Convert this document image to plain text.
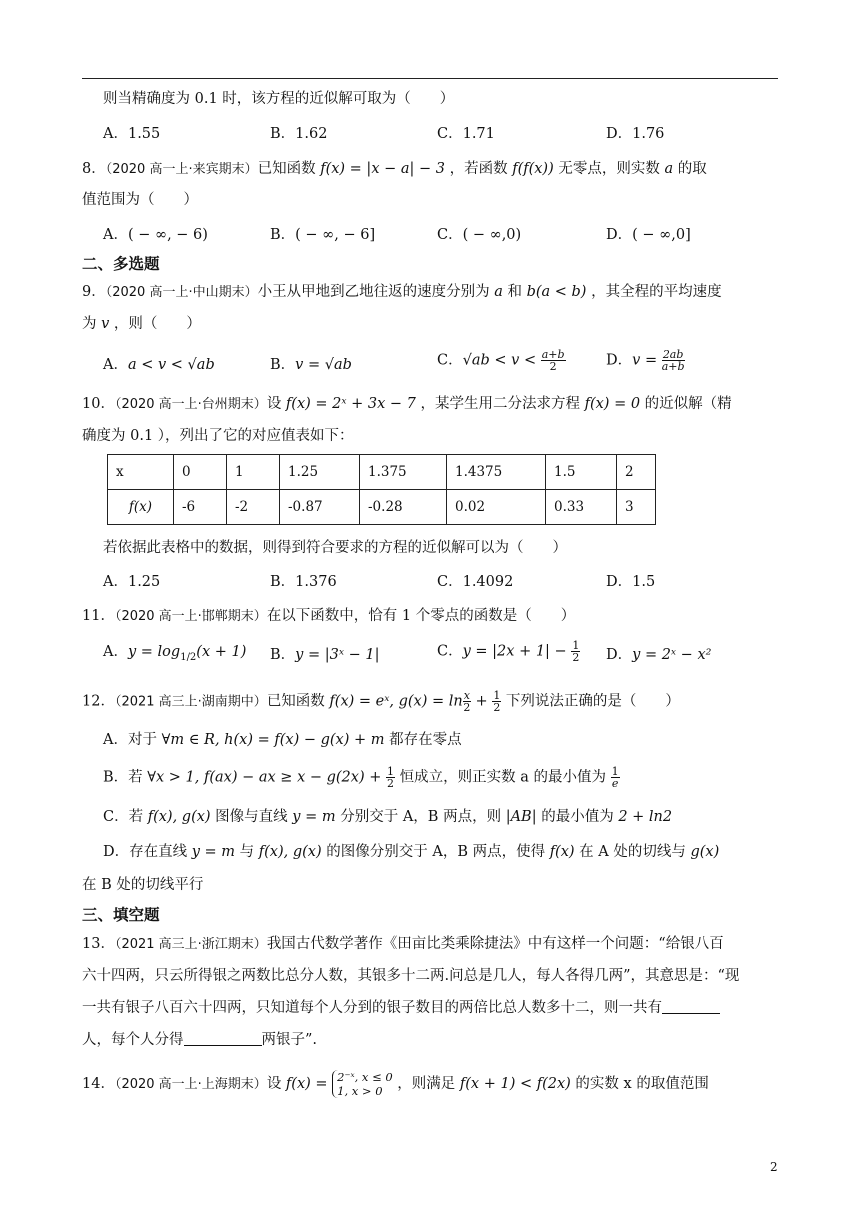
则当精确度为 0.1 时，该方程的近似解可取为（　　）
A．1.55	B．1.62	C．1.71	D．1.76
8．（2020 高一上·来宾期末）已知函数 f(x) = |x − a| − 3 ，若函数 f(f(x)) 无零点，则实数 a 的取
值范围为（　　）
A．( − ∞, − 6)	B．( − ∞, − 6]	C．( − ∞,0)	D．( − ∞,0]
二、多选题
9．（2020 高一上·中山期末）小王从甲地到乙地往返的速度分别为 a 和 b(a < b) ，其全程的平均速度
为 v ，则（　　）
A．a < v < √ab	B．v = √ab	C．$√ab < v < \frac{a+b}{2}$	D．$v = \frac{2ab}{a+b}$
10．（2020 高一上·台州期末）设 f(x) = 2ˣ + 3x − 7 ，某学生用二分法求方程 f(x) = 0 的近似解（精
确度为 0.1 ），列出了它的对应值表如下：
x	0	1	1.25	1.375	1.4375	1.5	2
f(x)	-6	-2	-0.87	-0.28	0.02	0.33	3
若依据此表格中的数据，则得到符合要求的方程的近似解可以为（　　）
A．1.25	B．1.376	C．1.4092	D．1.5
11．（2020 高一上·邯郸期末）在以下函数中，恰有 1 个零点的函数是（　　）
A．$y = \log_{1/2}(x + 1)$ B．y = |3ˣ − 1|	C．$y = |2x + 1| - \frac{1}{2}$ D．y = 2ˣ − x²
12．（2021 高三上·湖南期中）已知函数 f(x) = eˣ, $g(x) = \ln \frac{x}{2} + \frac{1}{2}$ 下列说法正确的是（　　）
A．对于 ∀m ∈ R, h(x) = f(x) − g(x) + m 都存在零点
B．若 ∀x > 1, f(ax) − ax ≥ $x - g(2x) + \frac{1}{2}$ 恒成立，则正实数 a 的最小值为 $\frac{1}{e}$
C．若 f(x), g(x) 图像与直线 y = m 分别交于 A，B 两点，则 |AB| 的最小值为 2 + ln2
D．存在直线 y = m 与 f(x), g(x) 的图像分别交于 A，B 两点，使得 f(x) 在 A 处的切线与 g(x)
在 B 处的切线平行
三、填空题
13．（2021 高三上·浙江期末）我国古代数学著作《田亩比类乘除捷法》中有这样一个问题：“给银八百
六十四两，只云所得银之两数比总分人数，其银多十二两.问总是几人，每人各得几两”，其意思是：“现
一共有银子八百六十四两，只知道每个人分到的银子数目的两倍比总人数多十二，则一共有
人，每个人分得	两银子”.
14．（2020 高一上·上海期末）设 f(x) = 2⁻ˣ, x ≤ 0
1, x > 0 ，则满足 f(x + 1) < f(2x) 的实数 x 的取值范围
2
